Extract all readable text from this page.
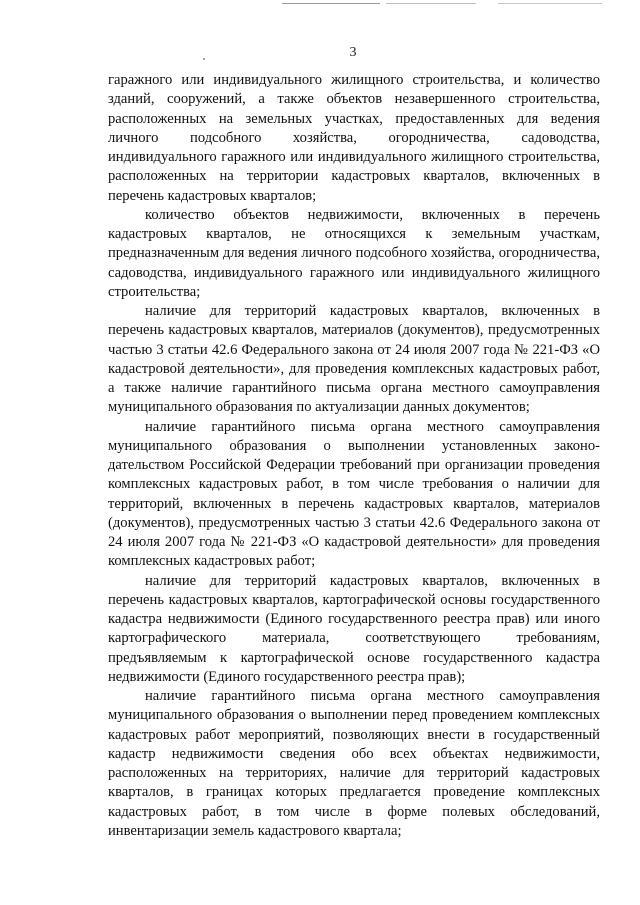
3

гаражного или индивидуального жилищного строительства, и количество зданий, сооружений, а также объектов незавершенного строительства, расположенных на земельных участках, предоставленных для ведения личного подсобного хозяйства, огородничества, садоводства, индивидуального гаражного или индивидуального жилищного строительства, расположенных на территории кадастровых кварталов, включенных в перечень кадастровых кварталов;

количество объектов недвижимости, включенных в перечень кадастровых кварталов, не относящихся к земельным участкам, предназначенным для ведения личного подсобного хозяйства, огородничества, садоводства, индивидуального гаражного или индивидуального жилищного строительства;

наличие для территорий кадастровых кварталов, включенных в перечень кадастровых кварталов, материалов (документов), предусмотренных частью 3 статьи 42.6 Федерального закона от 24 июля 2007 года № 221-ФЗ «О кадастровой деятельности», для проведения комплексных кадастровых работ, а также наличие гарантийного письма органа местного самоуправления муниципального образования по актуализации данных документов;

наличие гарантийного письма органа местного самоуправления муниципального образования о выполнении установленных законо-дательством Российской Федерации требований при организации проведения комплексных кадастровых работ, в том числе требования о наличии для территорий, включенных в перечень кадастровых кварталов, материалов (документов), предусмотренных частью 3 статьи 42.6 Федерального закона от 24 июля 2007 года № 221-ФЗ «О кадастровой деятельности» для проведения комплексных кадастровых работ;

наличие для территорий кадастровых кварталов, включенных в перечень кадастровых кварталов, картографической основы государственного кадастра недвижимости (Единого государственного реестра прав) или иного картографического материала, соответствующего требованиям, предъявляемым к картографической основе государственного кадастра недвижимости (Единого государственного реестра прав);

наличие гарантийного письма органа местного самоуправления муниципального образования о выполнении перед проведением комплексных кадастровых работ мероприятий, позволяющих внести в государственный кадастр недвижимости сведения обо всех объектах недвижимости, расположенных на территориях, наличие для территорий кадастровых кварталов, в границах которых предлагается проведение комплексных кадастровых работ, в том числе в форме полевых обследований, инвентаризации земель кадастрового квартала;
